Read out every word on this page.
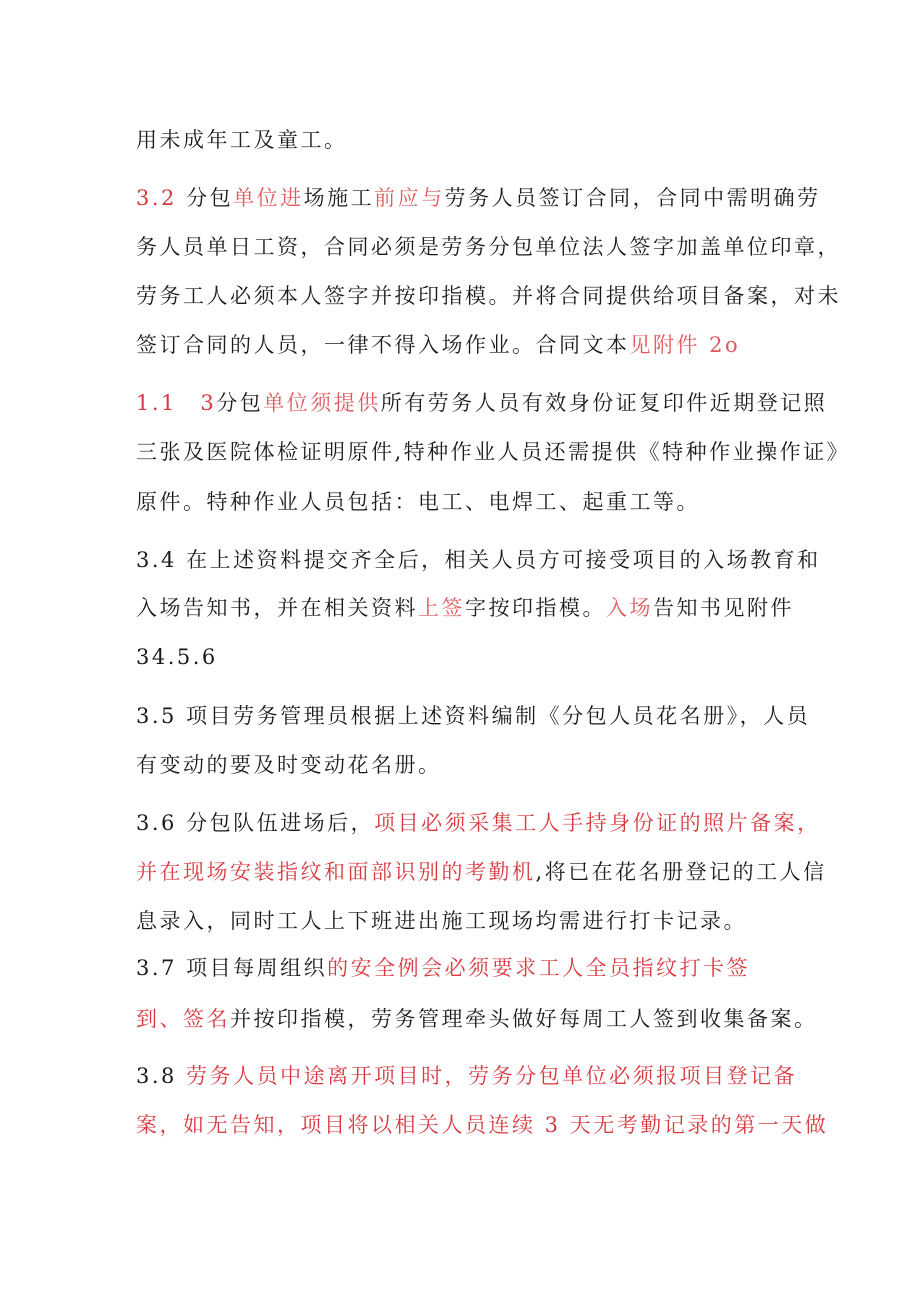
用未成年工及童工。
3.2 分包单位进场施工前应与劳务人员签订合同，合同中需明确劳
务人员单日工资，合同必须是劳务分包单位法人签字加盖单位印章，
劳务工人必须本人签字并按印指模。并将合同提供给项目备案，对未
签订合同的人员，一律不得入场作业。合同文本见附件 2o
1.1　3分包单位须提供所有劳务人员有效身份证复印件近期登记照
三张及医院体检证明原件,特种作业人员还需提供《特种作业操作证》
原件。特种作业人员包括：电工、电焊工、起重工等。
3.4 在上述资料提交齐全后，相关人员方可接受项目的入场教育和
入场告知书，并在相关资料上签字按印指模。入场告知书见附件
34.5.6
3.5 项目劳务管理员根据上述资料编制《分包人员花名册》，人员
有变动的要及时变动花名册。
3.6 分包队伍进场后，项目必须采集工人手持身份证的照片备案，
并在现场安装指纹和面部识别的考勤机,将已在花名册登记的工人信
息录入，同时工人上下班进出施工现场均需进行打卡记录。
3.7 项目每周组织的安全例会必须要求工人全员指纹打卡签
到、签名并按印指模，劳务管理牵头做好每周工人签到收集备案。
3.8 劳务人员中途离开项目时，劳务分包单位必须报项目登记备
案，如无告知，项目将以相关人员连续 3 天无考勤记录的第一天做
